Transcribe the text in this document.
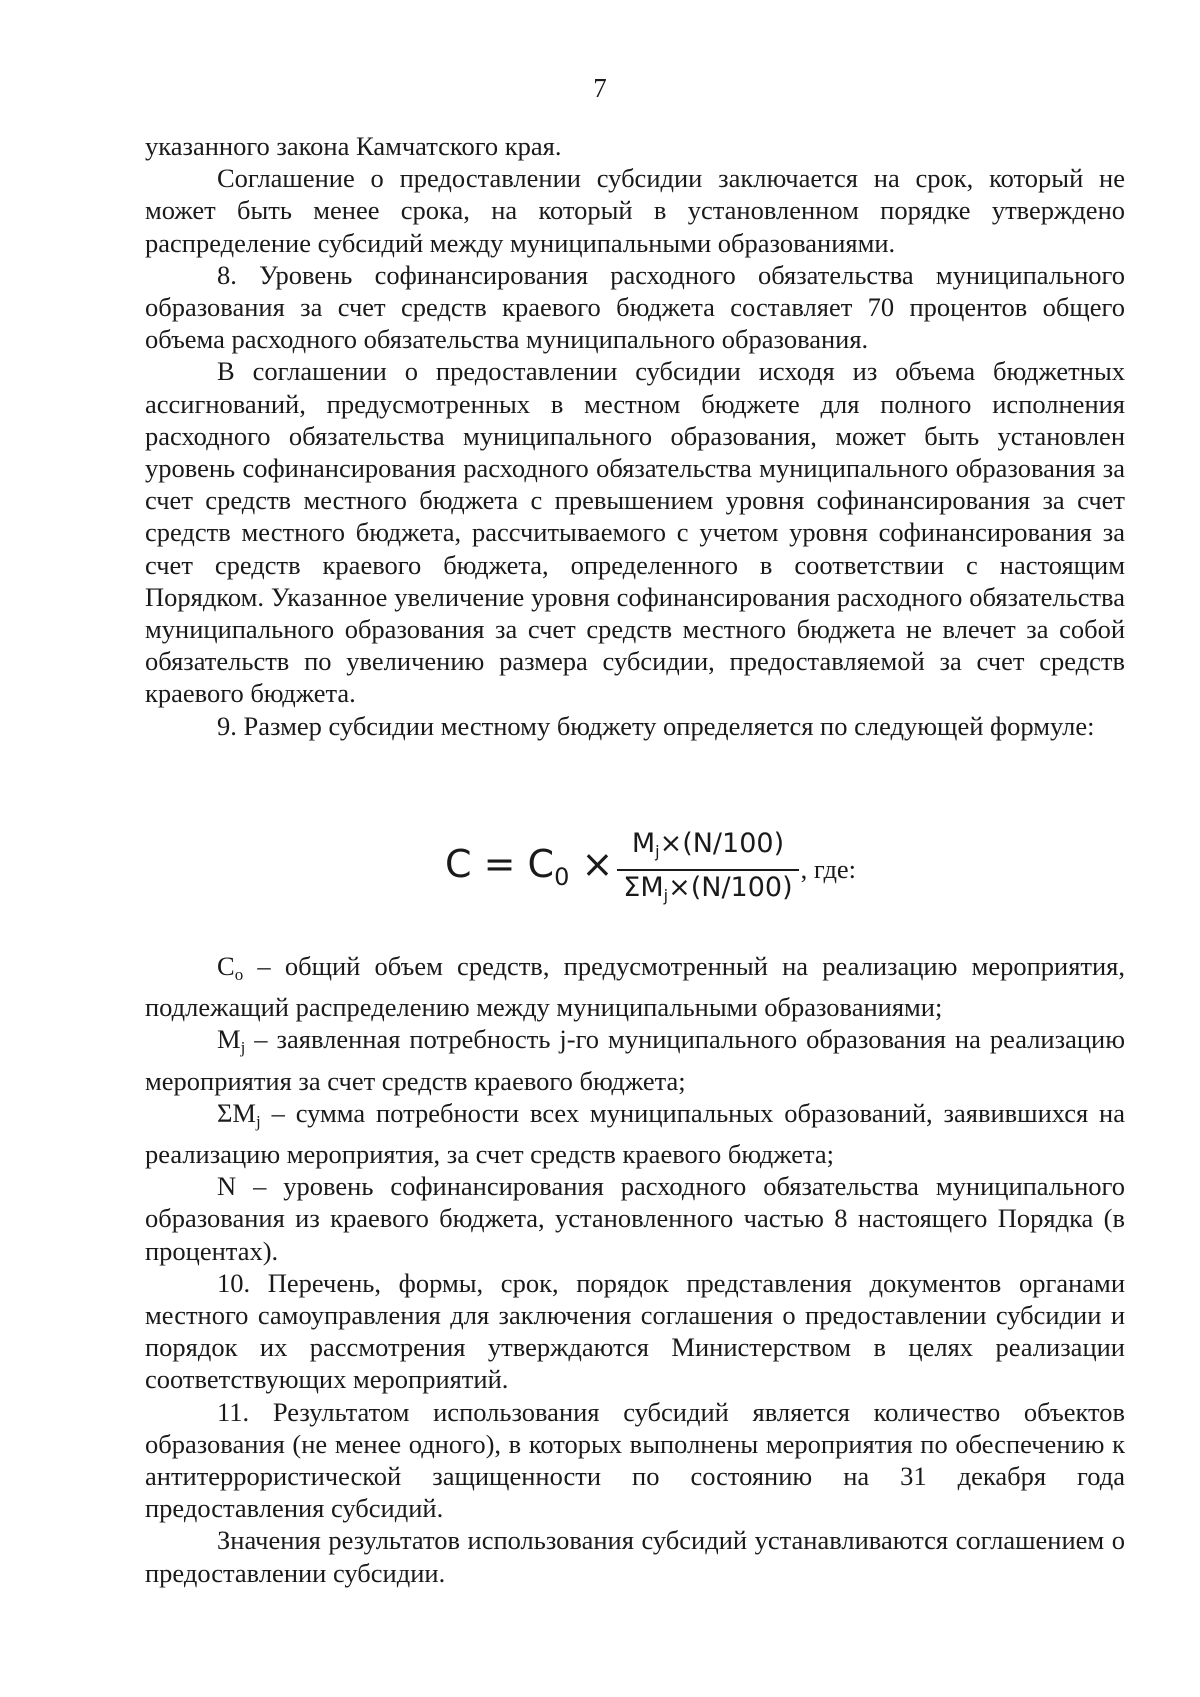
7

указанного закона Камчатского края.

Соглашение о предоставлении субсидии заключается на срок, который не может быть менее срока, на который в установленном порядке утверждено распределение субсидий между муниципальными образованиями.

8. Уровень софинансирования расходного обязательства муниципального образования за счет средств краевого бюджета составляет 70 процентов общего объема расходного обязательства муниципального образования.

В соглашении о предоставлении субсидии исходя из объема бюджетных ассигнований, предусмотренных в местном бюджете для полного исполнения расходного обязательства муниципального образования, может быть установлен уровень софинансирования расходного обязательства муниципального образования за счет средств местного бюджета с превышением уровня софинансирования за счет средств местного бюджета, рассчитываемого с учетом уровня софинансирования за счет средств краевого бюджета, определенного в соответствии с настоящим Порядком. Указанное увеличение уровня софинансирования расходного обязательства муниципального образования за счет средств местного бюджета не влечет за собой обязательств по увеличению размера субсидии, предоставляемой за счет средств краевого бюджета.

9. Размер субсидии местному бюджету определяется по следующей формуле:

$C = C_0 \times \frac{M_j\times(N/100)}{\Sigma M_j\times(N/100)}$ , где:

$C_o$ – общий объем средств, предусмотренный на реализацию мероприятия, подлежащий распределению между муниципальными образованиями;

$M_j$ – заявленная потребность j-го муниципального образования на реализацию мероприятия за счет средств краевого бюджета;

$\Sigma M_j$ – сумма потребности всех муниципальных образований, заявившихся на реализацию мероприятия, за счет средств краевого бюджета;

N – уровень софинансирования расходного обязательства муниципального образования из краевого бюджета, установленного частью 8 настоящего Порядка (в процентах).

10. Перечень, формы, срок, порядок представления документов органами местного самоуправления для заключения соглашения о предоставлении субсидии и порядок их рассмотрения утверждаются Министерством в целях реализации соответствующих мероприятий.

11. Результатом использования субсидий является количество объектов образования (не менее одного), в которых выполнены мероприятия по обеспечению к антитеррористической защищенности по состоянию на 31 декабря года предоставления субсидий.

Значения результатов использования субсидий устанавливаются соглашением о предоставлении субсидии.
